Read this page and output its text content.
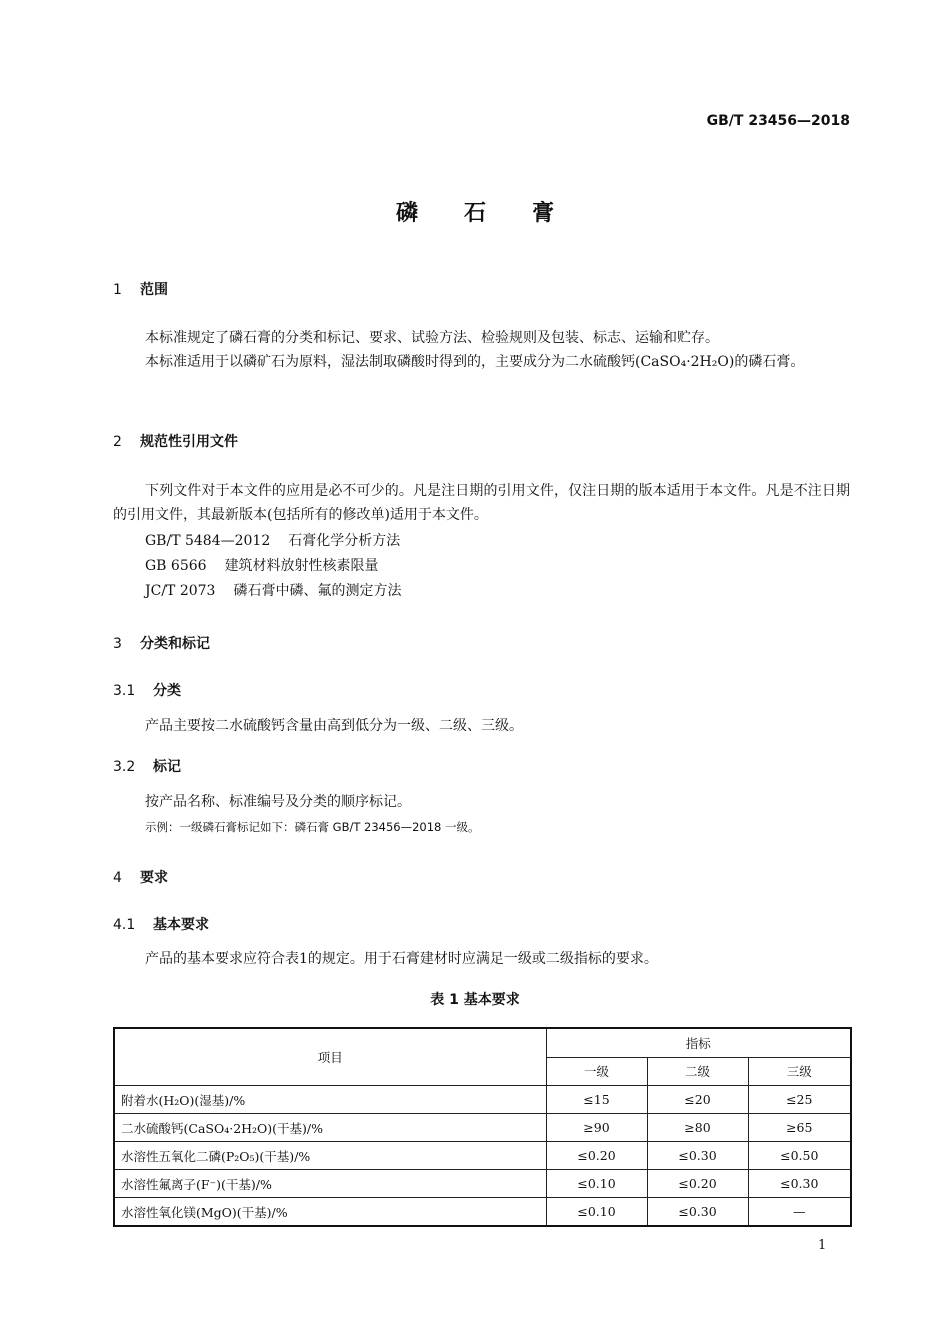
GB/T 23456—2018
磷石膏
1 范围
本标准规定了磷石膏的分类和标记、要求、试验方法、检验规则及包装、标志、运输和贮存。
本标准适用于以磷矿石为原料，湿法制取磷酸时得到的，主要成分为二水硫酸钙(CaSO₄·2H₂O)的磷石膏。
2 规范性引用文件
下列文件对于本文件的应用是必不可少的。凡是注日期的引用文件，仅注日期的版本适用于本文件。凡是不注日期的引用文件，其最新版本(包括所有的修改单)适用于本文件。
GB/T 5484—2012 石膏化学分析方法
GB 6566 建筑材料放射性核素限量
JC/T 2073 磷石膏中磷、氟的测定方法
3 分类和标记
3.1 分类
产品主要按二水硫酸钙含量由高到低分为一级、二级、三级。
3.2 标记
按产品名称、标准编号及分类的顺序标记。
示例：一级磷石膏标记如下：磷石膏 GB/T 23456—2018 一级。
4 要求
4.1 基本要求
产品的基本要求应符合表1的规定。用于石膏建材时应满足一级或二级指标的要求。
表 1 基本要求
项目	指标		
	一级	二级	三级
附着水(H₂O)(湿基)/%	≤15	≤20	≤25
二水硫酸钙(CaSO₄·2H₂O)(干基)/%	≥90	≥80	≥65
水溶性五氧化二磷(P₂O₅)(干基)/%	≤0.20	≤0.30	≤0.50
水溶性氟离子(F⁻)(干基)/%	≤0.10	≤0.20	≤0.30
水溶性氧化镁(MgO)(干基)/%	≤0.10	≤0.30	—
1
